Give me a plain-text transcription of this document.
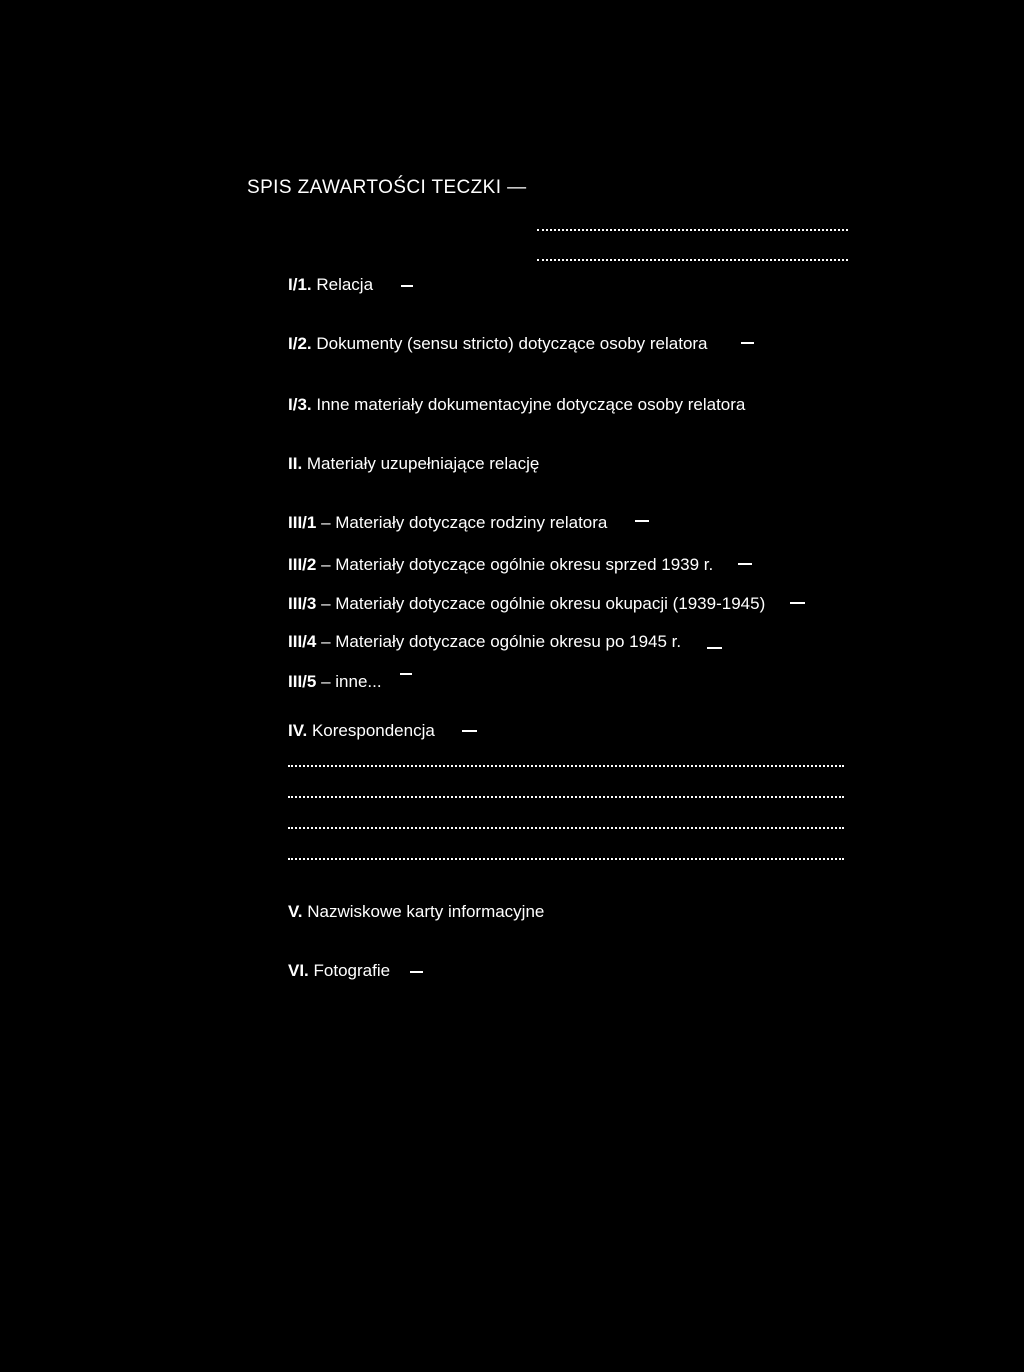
SPIS ZAWARTOŚCI TECZKI —
I/1. Relacja
I/2. Dokumenty (sensu stricto) dotyczące osoby relatora
I/3. Inne materiały dokumentacyjne dotyczące osoby relatora
II. Materiały uzupełniające relację
III/1 – Materiały dotyczące rodziny relatora
III/2 – Materiały dotyczące ogólnie okresu sprzed 1939 r.
III/3 – Materiały dotyczace ogólnie okresu okupacji (1939-1945)
III/4 – Materiały dotyczace ogólnie okresu po 1945 r.
III/5 – inne...
IV. Korespondencja
V. Nazwiskowe karty informacyjne
VI. Fotografie
